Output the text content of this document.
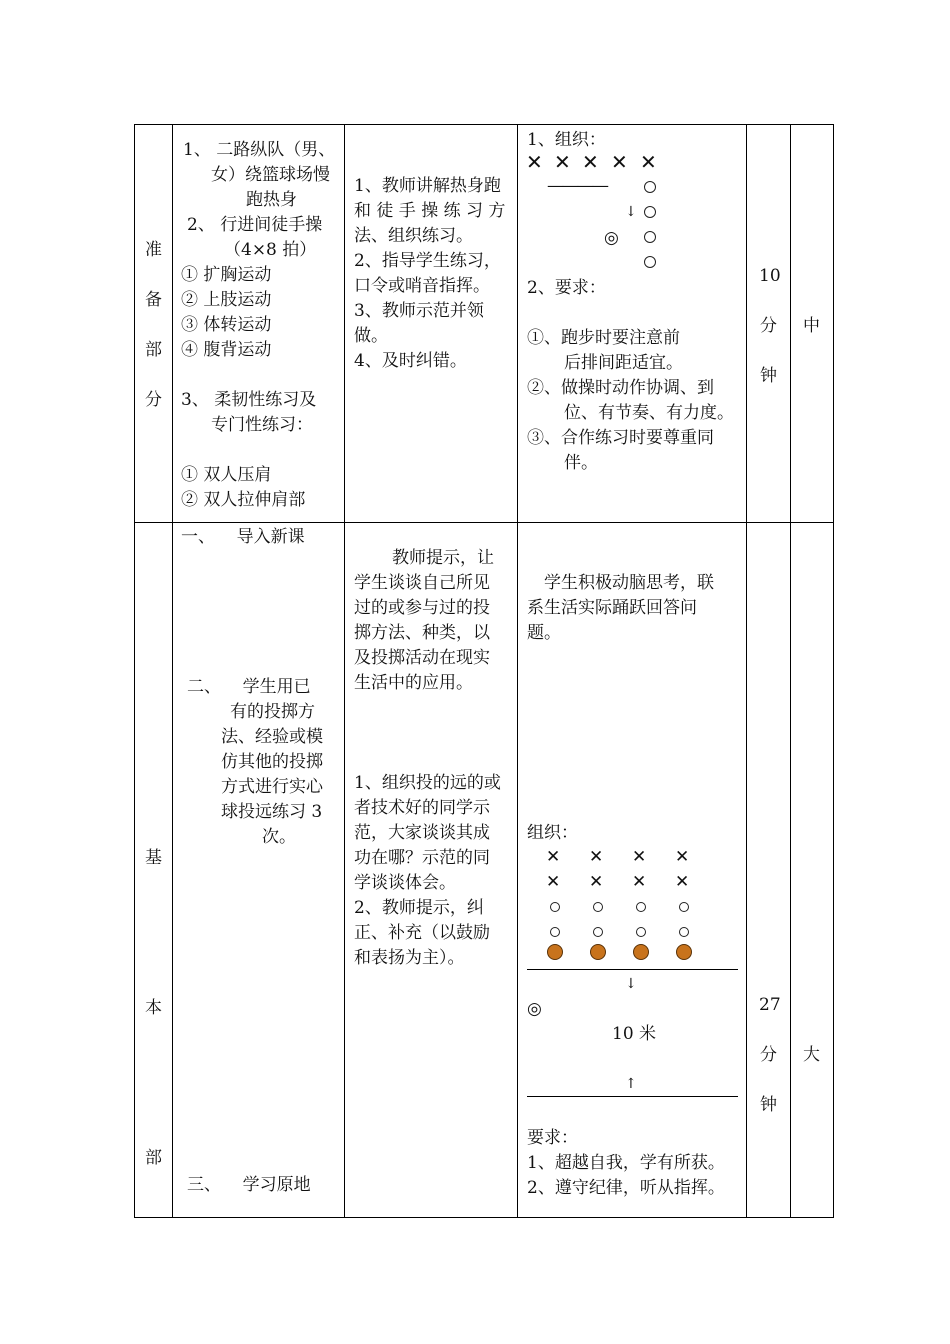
准
备
部
分
1、 二路纵队（男、
女）绕篮球场慢
跑热身
2、 行进间徒手操
（4×8 拍）
① 扩胸运动
② 上肢运动
③ 体转运动
④ 腹背运动
3、 柔韧性练习及
专门性练习：
① 双人压肩
② 双人拉伸肩部
1、教师讲解热身跑
和 徒 手 操 练 习 方
法、组织练习。
2、指导学生练习，
口令或哨音指挥。
3、教师示范并领
做。
4、及时纠错。
1、组织：
✕ ✕ ✕ ✕ ✕
————
↓
◎
2、要求：
①、跑步时要注意前
后排间距适宜。
②、做操时动作协调、到
位、有节奏、有力度。
③、合作练习时要尊重同
伴。
10
分
钟
中
基
本
部
一、    导入新课
二、    学生用已
有的投掷方
法、经验或模
仿其他的投掷
方式进行实心
球投远练习 3
次。
三、    学习原地
教师提示，让
学生谈谈自己所见
过的或参与过的投
掷方法、种类，以
及投掷活动在现实
生活中的应用。
1、组织投的远的或
者技术好的同学示
范，大家谈谈其成
功在哪？示范的同
学谈谈体会。
2、教师提示，纠
正、补充（以鼓励
和表扬为主）。
学生积极动脑思考，联
系生活实际踊跃回答问
题。
组织：
✕ ✕ ✕ ✕
✕ ✕ ✕ ✕
↓
◎
10 米
↑
要求：
1、超越自我，学有所获。
2、遵守纪律，听从指挥。
27
分
钟
大
